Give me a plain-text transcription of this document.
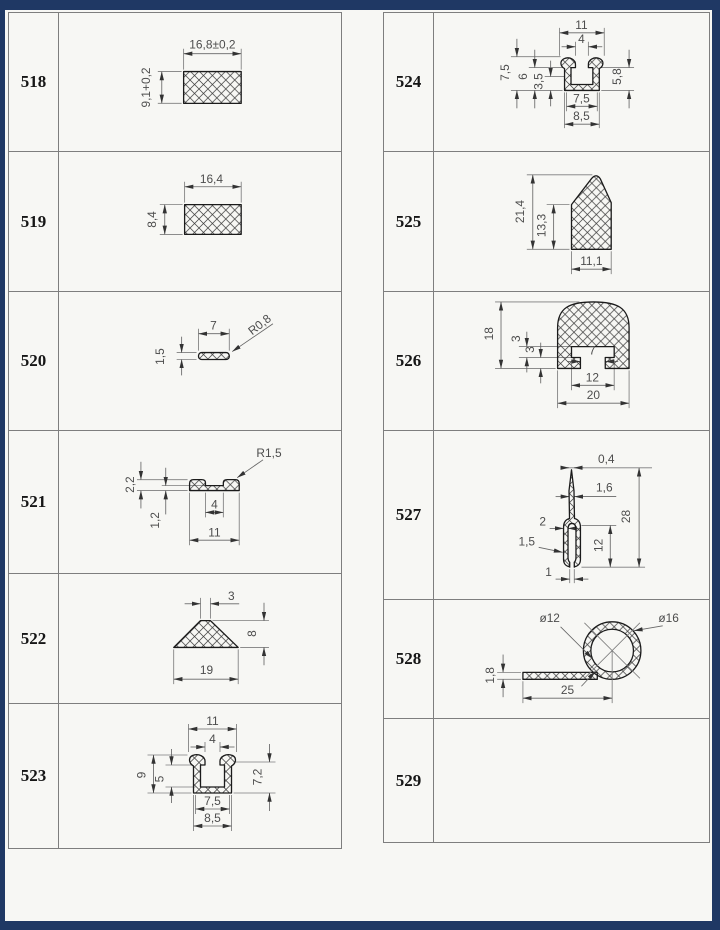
518
16,8±0,2
9,1+0,2
519
16,4
8,4
520
7
1,5
R0,8
521
2,2
1,2
4
11
R1,5
522
3
8
19
523
11
4
9
5	7,2
7,5
8,5
524
11
4
7,5 6 3,5	5,8
7,5
8,5
525	21,4
13,3
11,1
526
18 3
3	7
12
20
527
0,4
1,6
28
2
1,5	12
1
528
ø12	ø16
1,8
25
529
